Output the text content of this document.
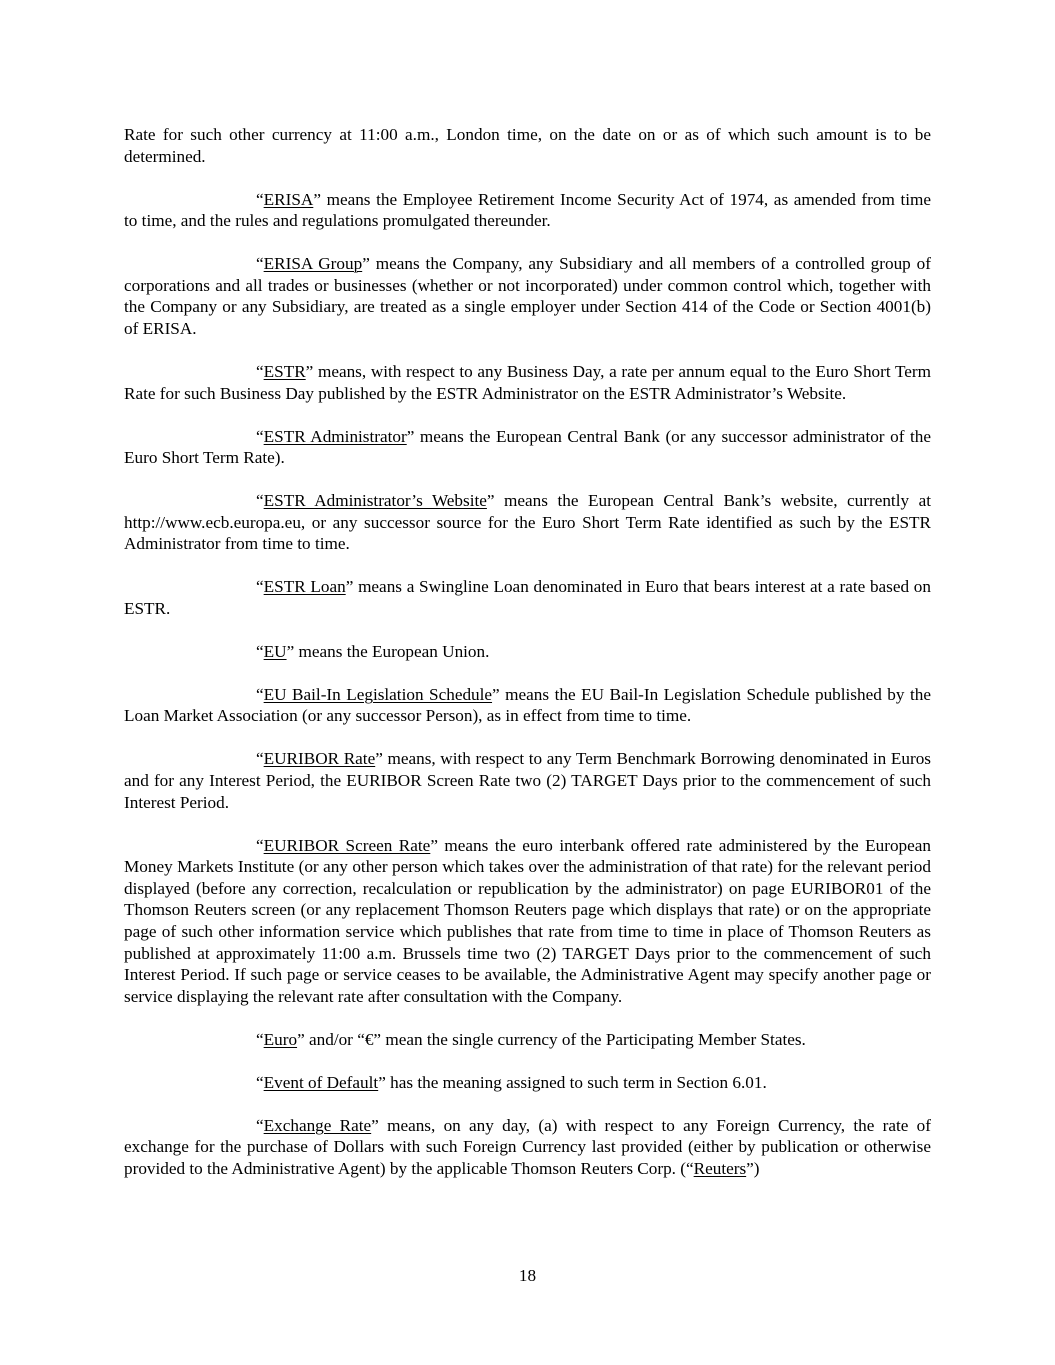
Rate for such other currency at 11:00 a.m., London time, on the date on or as of which such amount is to be determined.

“ERISA” means the Employee Retirement Income Security Act of 1974, as amended from time to time, and the rules and regulations promulgated thereunder.

“ERISA Group” means the Company, any Subsidiary and all members of a controlled group of corporations and all trades or businesses (whether or not incorporated) under common control which, together with the Company or any Subsidiary, are treated as a single employer under Section 414 of the Code or Section 4001(b) of ERISA.

“ESTR” means, with respect to any Business Day, a rate per annum equal to the Euro Short Term Rate for such Business Day published by the ESTR Administrator on the ESTR Administrator’s Website.

“ESTR Administrator” means the European Central Bank (or any successor administrator of the Euro Short Term Rate).

“ESTR Administrator’s Website” means the European Central Bank’s website, currently at http://www.ecb.europa.eu, or any successor source for the Euro Short Term Rate identified as such by the ESTR Administrator from time to time.

“ESTR Loan” means a Swingline Loan denominated in Euro that bears interest at a rate based on ESTR.

“EU” means the European Union.

“EU Bail-In Legislation Schedule” means the EU Bail-In Legislation Schedule published by the Loan Market Association (or any successor Person), as in effect from time to time.

“EURIBOR Rate” means, with respect to any Term Benchmark Borrowing denominated in Euros and for any Interest Period, the EURIBOR Screen Rate two (2) TARGET Days prior to the commencement of such Interest Period.

“EURIBOR Screen Rate” means the euro interbank offered rate administered by the European Money Markets Institute (or any other person which takes over the administration of that rate) for the relevant period displayed (before any correction, recalculation or republication by the administrator) on page EURIBOR01 of the Thomson Reuters screen (or any replacement Thomson Reuters page which displays that rate) or on the appropriate page of such other information service which publishes that rate from time to time in place of Thomson Reuters as published at approximately 11:00 a.m. Brussels time two (2) TARGET Days prior to the commencement of such Interest Period. If such page or service ceases to be available, the Administrative Agent may specify another page or service displaying the relevant rate after consultation with the Company.

“Euro” and/or “€” mean the single currency of the Participating Member States.

“Event of Default” has the meaning assigned to such term in Section 6.01.

“Exchange Rate” means, on any day, (a) with respect to any Foreign Currency, the rate of exchange for the purchase of Dollars with such Foreign Currency last provided (either by publication or otherwise provided to the Administrative Agent) by the applicable Thomson Reuters Corp. (“Reuters”)

18
